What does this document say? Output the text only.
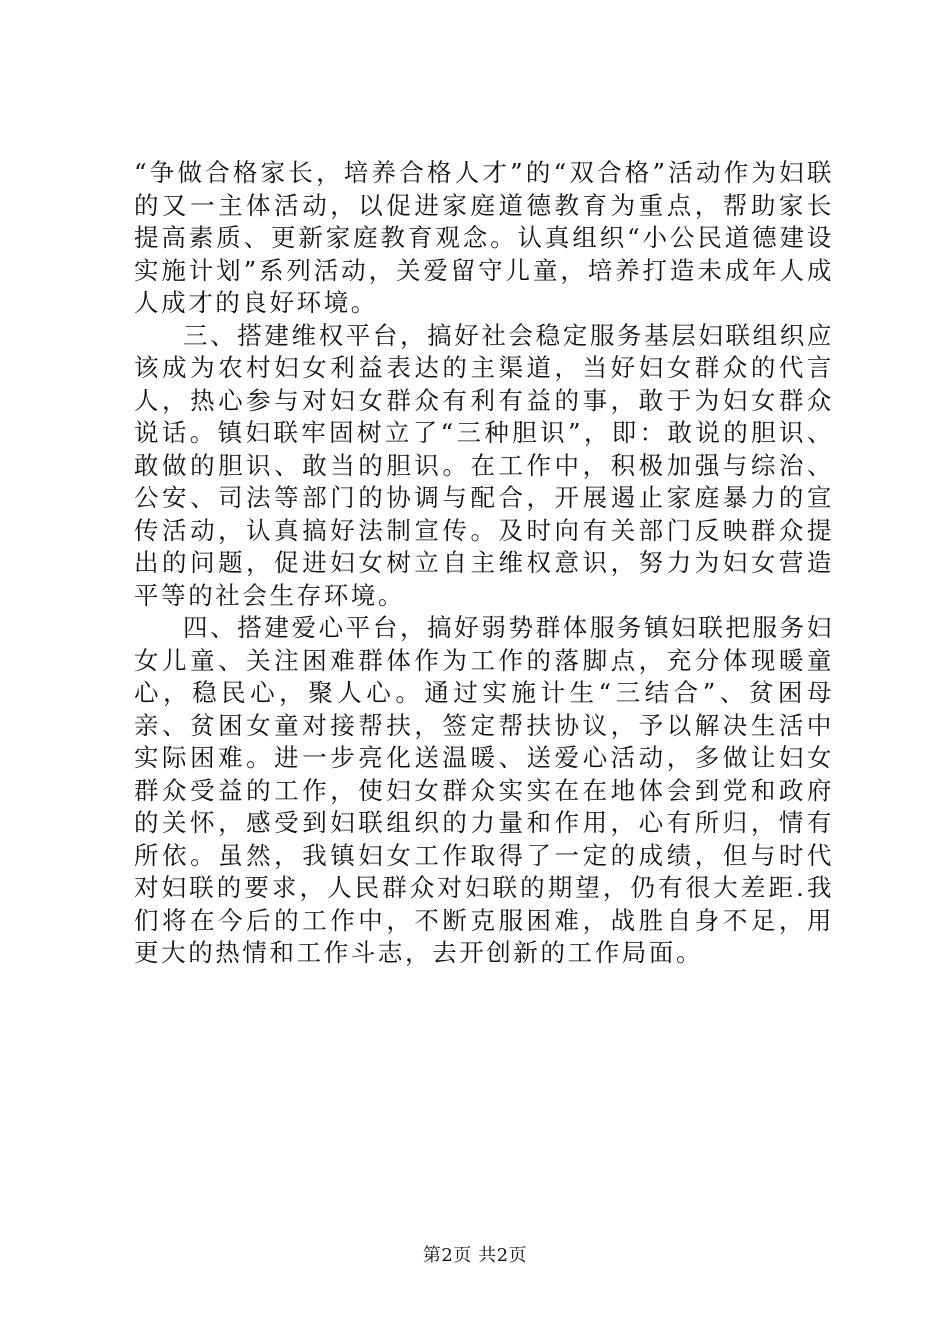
“争做合格家长，培养合格人才”的“双合格”活动作为妇联的又一主体活动，以促进家庭道德教育为重点，帮助家长提高素质、更新家庭教育观念。认真组织“小公民道德建设实施计划”系列活动，关爱留守儿童，培养打造未成年人成人成才的良好环境。

三、搭建维权平台，搞好社会稳定服务基层妇联组织应该成为农村妇女利益表达的主渠道，当好妇女群众的代言人，热心参与对妇女群众有利有益的事，敢于为妇女群众说话。镇妇联牢固树立了“三种胆识”，即：敢说的胆识、敢做的胆识、敢当的胆识。在工作中，积极加强与综治、公安、司法等部门的协调与配合，开展遏止家庭暴力的宣传活动，认真搞好法制宣传。及时向有关部门反映群众提出的问题，促进妇女树立自主维权意识，努力为妇女营造平等的社会生存环境。

四、搭建爱心平台，搞好弱势群体服务镇妇联把服务妇女儿童、关注困难群体作为工作的落脚点，充分体现暖童心，稳民心，聚人心。通过实施计生“三结合”、贫困母亲、贫困女童对接帮扶，签定帮扶协议，予以解决生活中实际困难。进一步亮化送温暖、送爱心活动，多做让妇女群众受益的工作，使妇女群众实实在在地体会到党和政府的关怀，感受到妇联组织的力量和作用，心有所归，情有所依。虽然，我镇妇女工作取得了一定的成绩，但与时代对妇联的要求，人民群众对妇联的期望，仍有很大差距.我们将在今后的工作中，不断克服困难，战胜自身不足，用更大的热情和工作斗志，去开创新的工作局面。

第2页 共2页
